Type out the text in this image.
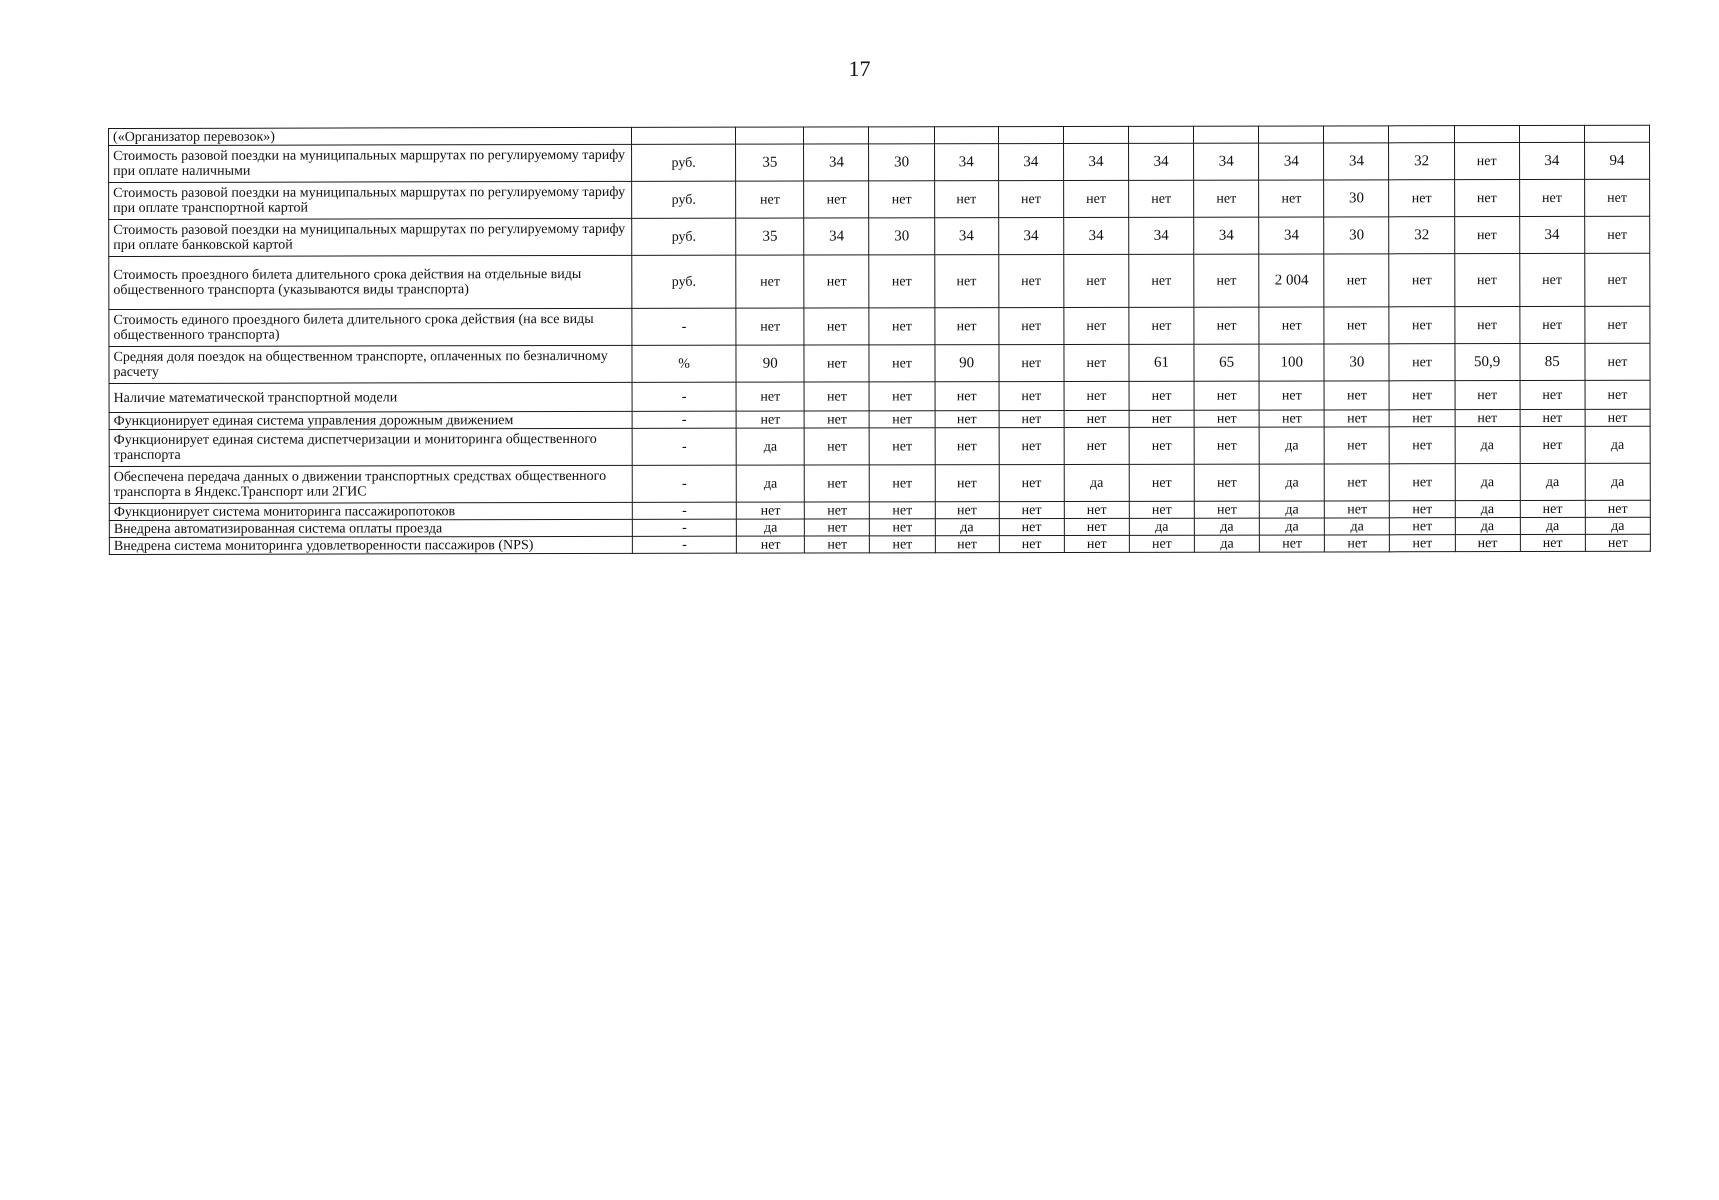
17
(«Организатор перевозок»)															
Стоимость разовой поездки на муниципальных маршрутах по регулируемому тарифу при оплате наличными	руб.	35	34	30	34	34	34	34	34	34	34	32	нет	34	94
Стоимость разовой поездки на муниципальных маршрутах по регулируемому тарифу при оплате транспортной картой	руб.	нет	нет	нет	нет	нет	нет	нет	нет	нет	30	нет	нет	нет	нет
Стоимость разовой поездки на муниципальных маршрутах по регулируемому тарифу при оплате банковской картой	руб.	35	34	30	34	34	34	34	34	34	30	32	нет	34	нет
Стоимость проездного билета длительного срока действия на отдельные виды общественного транспорта (указываются виды транспорта)	руб.	нет	нет	нет	нет	нет	нет	нет	нет	2 004	нет	нет	нет	нет	нет
Стоимость единого проездного билета длительного срока действия (на все виды общественного транспорта)	-	нет	нет	нет	нет	нет	нет	нет	нет	нет	нет	нет	нет	нет	нет
Средняя доля поездок на общественном транспорте, оплаченных по безналичному расчету	%	90	нет	нет	90	нет	нет	61	65	100	30	нет	50,9	85	нет
Наличие математической транспортной модели	-	нет	нет	нет	нет	нет	нет	нет	нет	нет	нет	нет	нет	нет	нет
Функционирует единая система управления дорожным движением	-	нет	нет	нет	нет	нет	нет	нет	нет	нет	нет	нет	нет	нет	нет
Функционирует единая система диспетчеризации и мониторинга общественного транспорта	-	да	нет	нет	нет	нет	нет	нет	нет	да	нет	нет	да	нет	да
Обеспечена передача данных о движении транспортных средствах общественного транспорта в Яндекс.Транспорт или 2ГИС	-	да	нет	нет	нет	нет	да	нет	нет	да	нет	нет	да	да	да
Функционирует система мониторинга пассажиропотоков	-	нет	нет	нет	нет	нет	нет	нет	нет	да	нет	нет	да	нет	нет
Внедрена автоматизированная система оплаты проезда	-	да	нет	нет	да	нет	нет	да	да	да	да	нет	да	да	да
Внедрена система мониторинга удовлетворенности пассажиров (NPS)	-	нет	нет	нет	нет	нет	нет	нет	да	нет	нет	нет	нет	нет	нет
